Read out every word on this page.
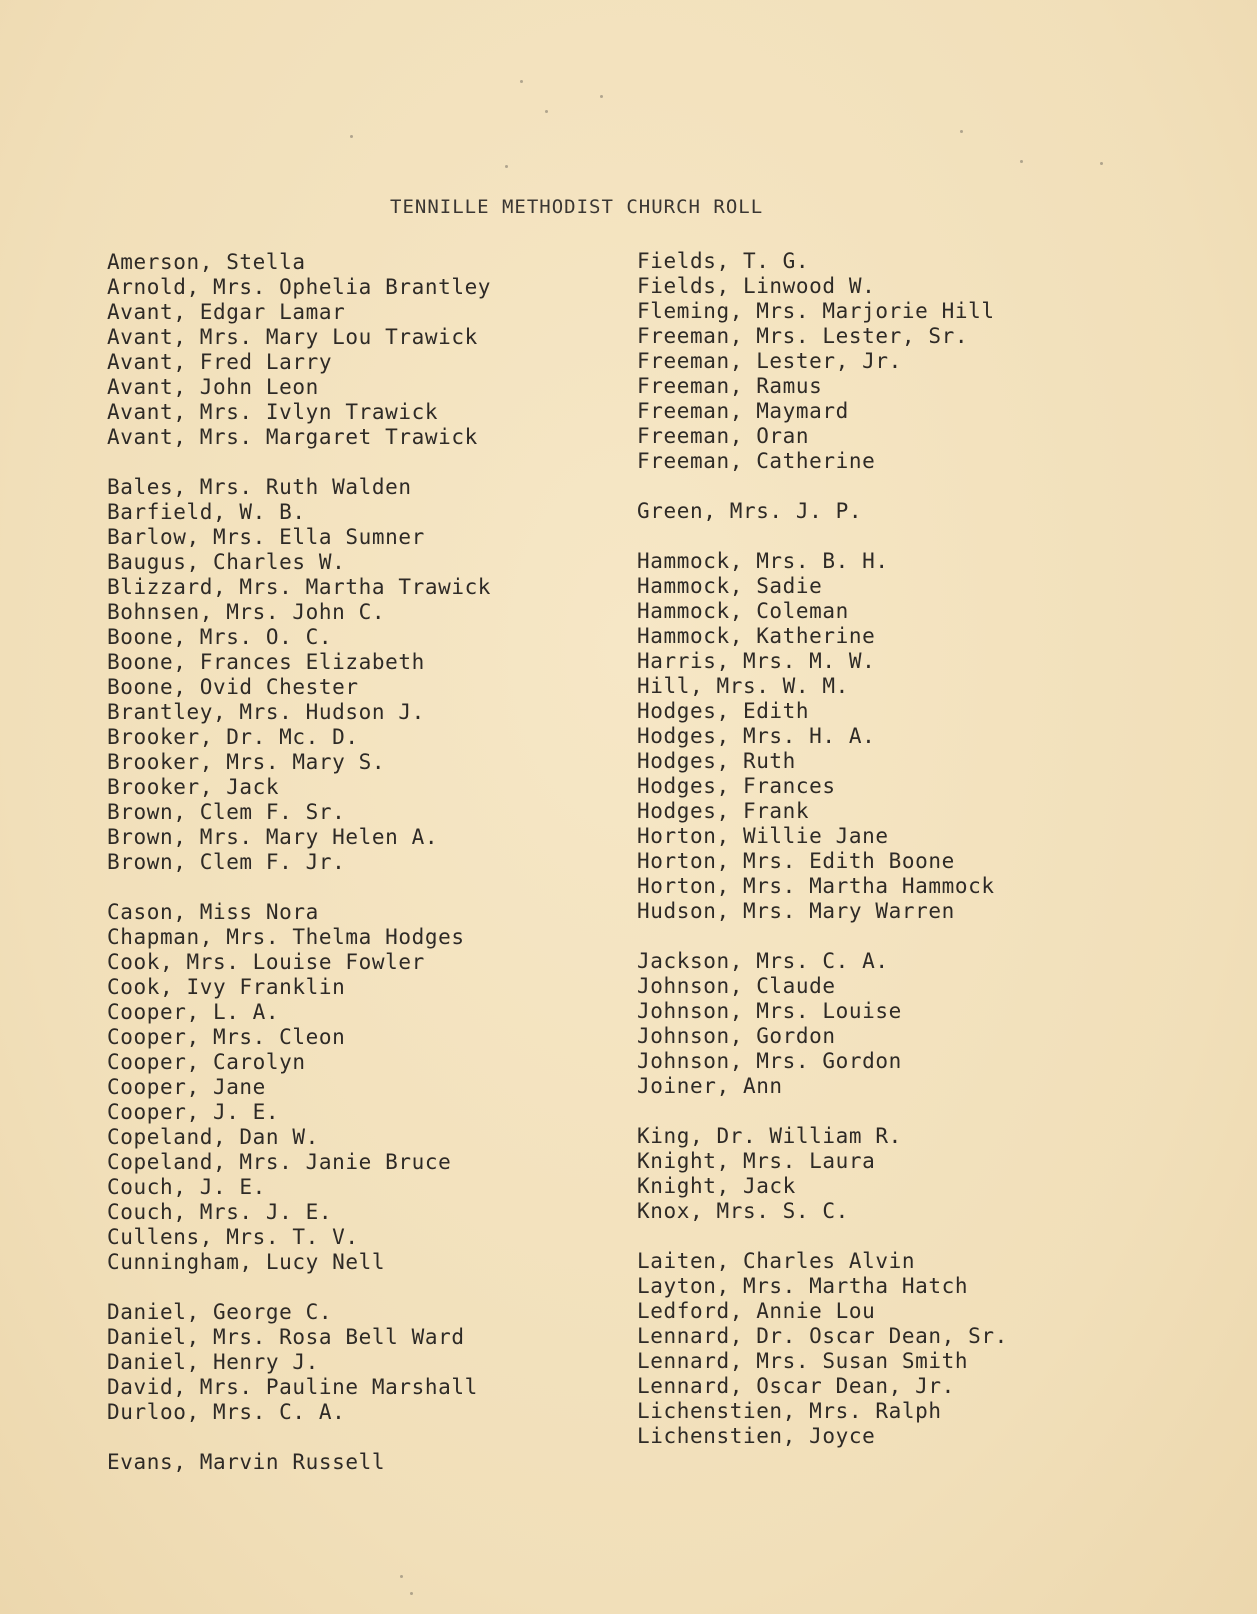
TENNILLE METHODIST CHURCH ROLL
Amerson, Stella
Arnold, Mrs. Ophelia Brantley
Avant, Edgar Lamar
Avant, Mrs. Mary Lou Trawick
Avant, Fred Larry
Avant, John Leon
Avant, Mrs. Ivlyn Trawick
Avant, Mrs. Margaret Trawick
Bales, Mrs. Ruth Walden
Barfield, W. B.
Barlow, Mrs. Ella Sumner
Baugus, Charles W.
Blizzard, Mrs. Martha Trawick
Bohnsen, Mrs. John C.
Boone, Mrs. O. C.
Boone, Frances Elizabeth
Boone, Ovid Chester
Brantley, Mrs. Hudson J.
Brooker, Dr. Mc. D.
Brooker, Mrs. Mary S.
Brooker, Jack
Brown, Clem F. Sr.
Brown, Mrs. Mary Helen A.
Brown, Clem F. Jr.
Cason, Miss Nora
Chapman, Mrs. Thelma Hodges
Cook, Mrs. Louise Fowler
Cook, Ivy Franklin
Cooper, L. A.
Cooper, Mrs. Cleon
Cooper, Carolyn
Cooper, Jane
Cooper, J. E.
Copeland, Dan W.
Copeland, Mrs. Janie Bruce
Couch, J. E.
Couch, Mrs. J. E.
Cullens, Mrs. T. V.
Cunningham, Lucy Nell
Daniel, George C.
Daniel, Mrs. Rosa Bell Ward
Daniel, Henry J.
David, Mrs. Pauline Marshall
Durloo, Mrs. C. A.
Evans, Marvin Russell
Fields, T. G.
Fields, Linwood W.
Fleming, Mrs. Marjorie Hill
Freeman, Mrs. Lester, Sr.
Freeman, Lester, Jr.
Freeman, Ramus
Freeman, Maymard
Freeman, Oran
Freeman, Catherine
Green, Mrs. J. P.
Hammock, Mrs. B. H.
Hammock, Sadie
Hammock, Coleman
Hammock, Katherine
Harris, Mrs. M. W.
Hill, Mrs. W. M.
Hodges, Edith
Hodges, Mrs. H. A.
Hodges, Ruth
Hodges, Frances
Hodges, Frank
Horton, Willie Jane
Horton, Mrs. Edith Boone
Horton, Mrs. Martha Hammock
Hudson, Mrs. Mary Warren
Jackson, Mrs. C. A.
Johnson, Claude
Johnson, Mrs. Louise
Johnson, Gordon
Johnson, Mrs. Gordon
Joiner, Ann
King, Dr. William R.
Knight, Mrs. Laura
Knight, Jack
Knox, Mrs. S. C.
Laiten, Charles Alvin
Layton, Mrs. Martha Hatch
Ledford, Annie Lou
Lennard, Dr. Oscar Dean, Sr.
Lennard, Mrs. Susan Smith
Lennard, Oscar Dean, Jr.
Lichenstien, Mrs. Ralph
Lichenstien, Joyce
